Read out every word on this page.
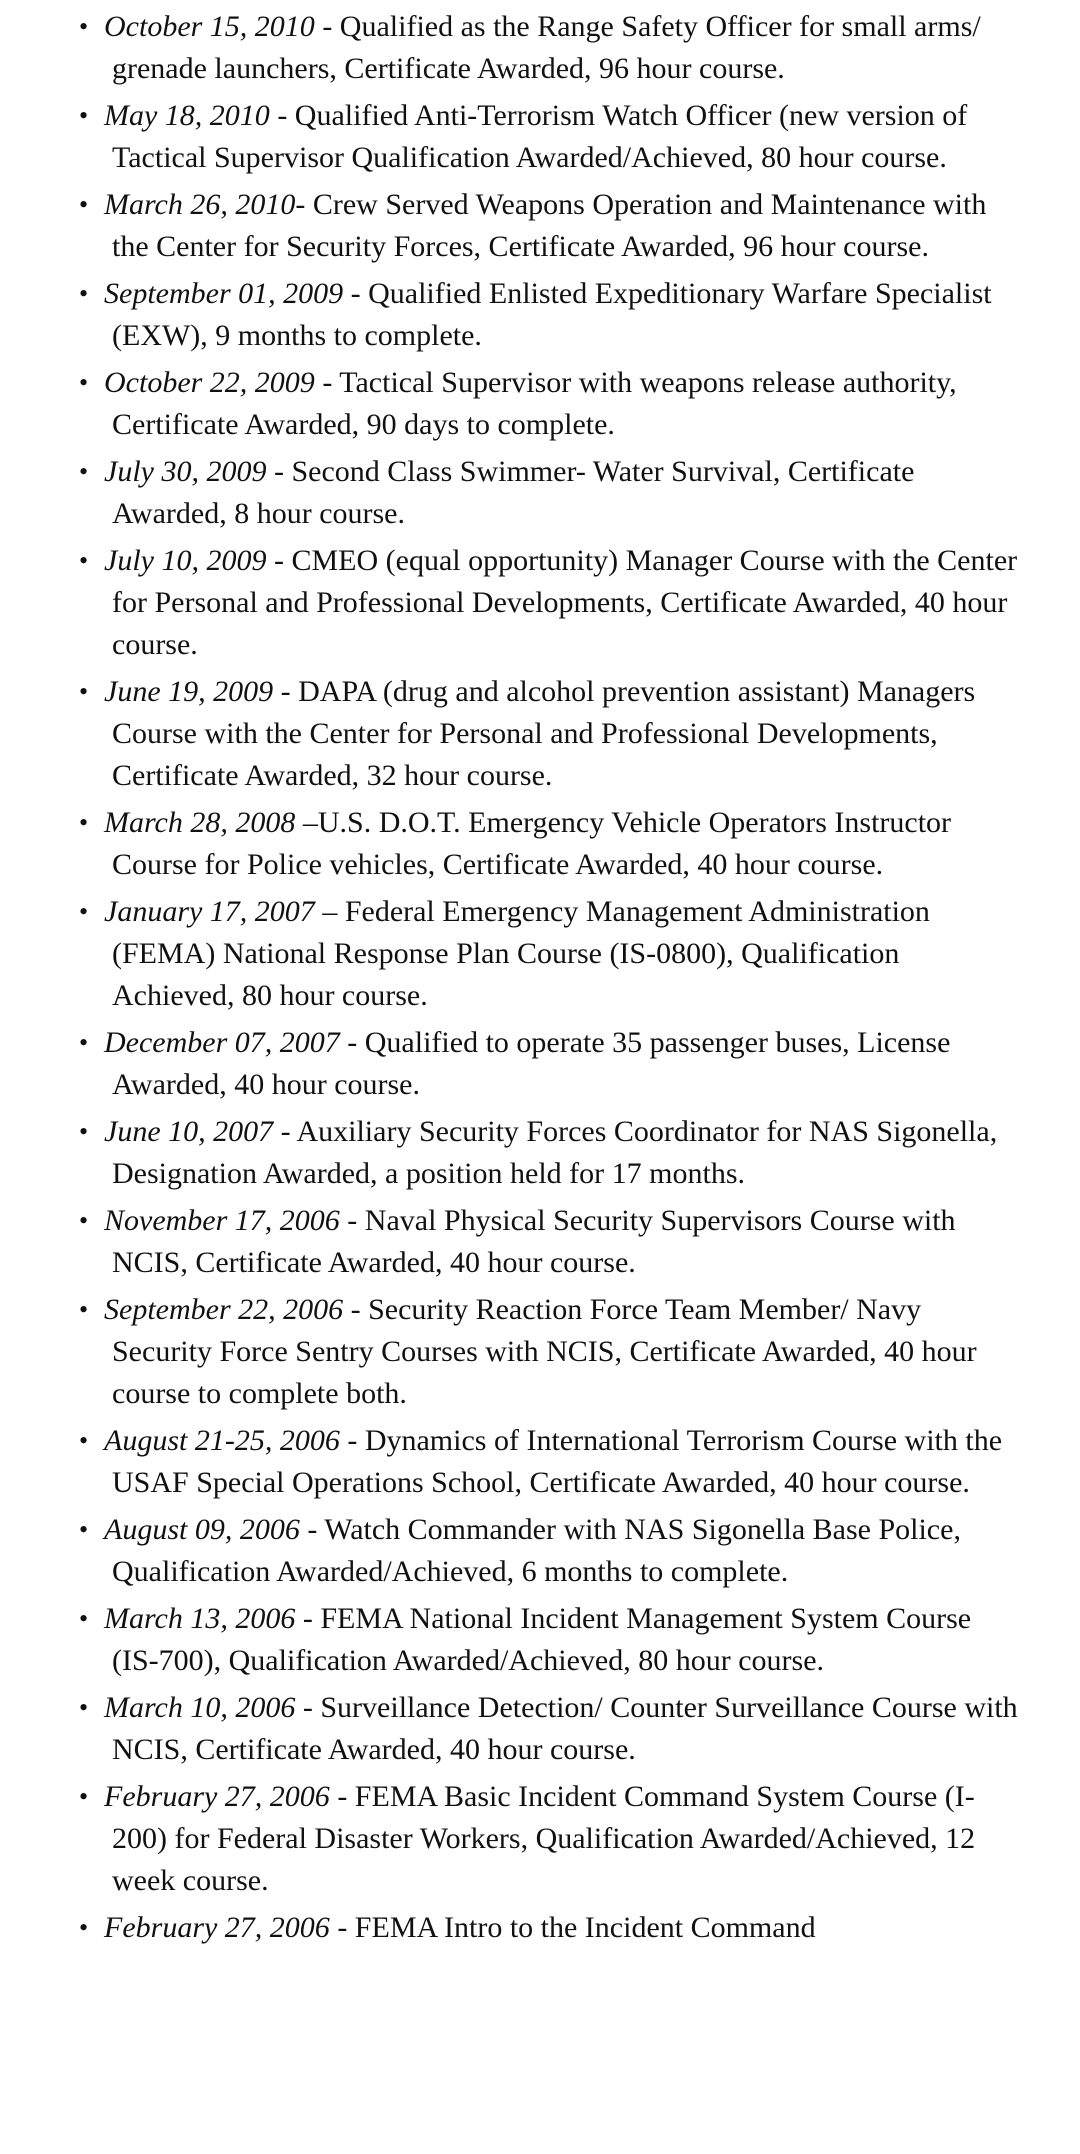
• October 15, 2010 - Qualified as the Range Safety Officer for small arms/ grenade launchers, Certificate Awarded, 96 hour course.
• May 18, 2010 - Qualified Anti-Terrorism Watch Officer (new version of Tactical Supervisor Qualification Awarded/Achieved, 80 hour course.
• March 26, 2010- Crew Served Weapons Operation and Maintenance with the Center for Security Forces, Certificate Awarded, 96 hour course.
• September 01, 2009 - Qualified Enlisted Expeditionary Warfare Specialist (EXW), 9 months to complete.
• October 22, 2009 - Tactical Supervisor with weapons release authority, Certificate Awarded, 90 days to complete.
• July 30, 2009 - Second Class Swimmer- Water Survival, Certificate Awarded, 8 hour course.
• July 10, 2009 - CMEO (equal opportunity) Manager Course with the Center for Personal and Professional Developments, Certificate Awarded, 40 hour course.
• June 19, 2009 - DAPA (drug and alcohol prevention assistant) Managers Course with the Center for Personal and Professional Developments, Certificate Awarded, 32 hour course.
• March 28, 2008 –U.S. D.O.T. Emergency Vehicle Operators Instructor Course for Police vehicles, Certificate Awarded, 40 hour course.
• January 17, 2007 – Federal Emergency Management Administration (FEMA) National Response Plan Course (IS-0800), Qualification Achieved, 80 hour course.
• December 07, 2007 - Qualified to operate 35 passenger buses, License Awarded, 40 hour course.
• June 10, 2007 - Auxiliary Security Forces Coordinator for NAS Sigonella, Designation Awarded, a position held for 17 months.
• November 17, 2006 - Naval Physical Security Supervisors Course with NCIS, Certificate Awarded, 40 hour course.
• September 22, 2006 - Security Reaction Force Team Member/ Navy Security Force Sentry Courses with NCIS, Certificate Awarded, 40 hour course to complete both.
• August 21-25, 2006 - Dynamics of International Terrorism Course with the USAF Special Operations School, Certificate Awarded, 40 hour course.
• August 09, 2006 - Watch Commander with NAS Sigonella Base Police, Qualification Awarded/Achieved, 6 months to complete.
• March 13, 2006 - FEMA National Incident Management System Course (IS-700), Qualification Awarded/Achieved, 80 hour course.
• March 10, 2006 - Surveillance Detection/ Counter Surveillance Course with NCIS, Certificate Awarded, 40 hour course.
• February 27, 2006 - FEMA Basic Incident Command System Course (I-200) for Federal Disaster Workers, Qualification Awarded/Achieved, 12 week course.
• February 27, 2006 - FEMA Intro to the Incident Command
